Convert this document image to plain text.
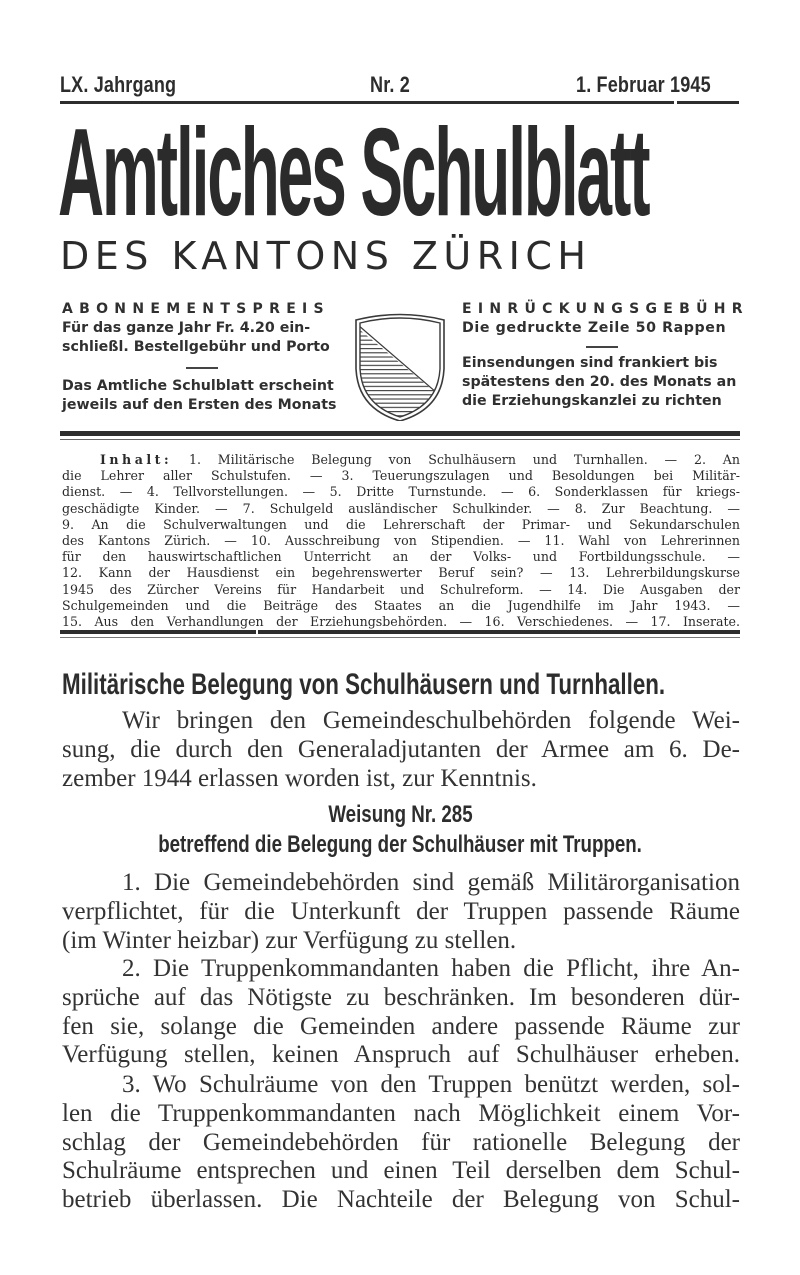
LX. Jahrgang	Nr. 2	1. Februar 1945
Amtliches Schulblatt
DES KANTONS ZÜRICH
ABONNEMENTSPREIS
Für das ganze Jahr Fr. 4.20 ein-
schließl. Bestellgebühr und Porto
Das Amtliche Schulblatt erscheint
jeweils auf den Ersten des Monats
EINRÜCKUNGSGEBÜHR
Die gedruckte Zeile 50 Rappen
Einsendungen sind frankiert bis
spätestens den 20. des Monats an
die Erziehungskanzlei zu richten
Inhalt: 1. Militärische Belegung von Schulhäusern und Turnhallen. — 2. An
die Lehrer aller Schulstufen. — 3. Teuerungszulagen und Besoldungen bei Militär-
dienst. — 4. Tellvorstellungen. — 5. Dritte Turnstunde. — 6. Sonderklassen für kriegs-
geschädigte Kinder. — 7. Schulgeld ausländischer Schulkinder. — 8. Zur Beachtung. —
9. An die Schulverwaltungen und die Lehrerschaft der Primar- und Sekundarschulen
des Kantons Zürich. — 10. Ausschreibung von Stipendien. — 11. Wahl von Lehrerinnen
für den hauswirtschaftlichen Unterricht an der Volks- und Fortbildungsschule. —
12. Kann der Hausdienst ein begehrenswerter Beruf sein? — 13. Lehrerbildungskurse
1945 des Zürcher Vereins für Handarbeit und Schulreform. — 14. Die Ausgaben der
Schulgemeinden und die Beiträge des Staates an die Jugendhilfe im Jahr 1943. —
15. Aus den Verhandlungen der Erziehungsbehörden. — 16. Verschiedenes. — 17. Inserate.
Militärische Belegung von Schulhäusern und Turnhallen.
Wir bringen den Gemeindeschulbehörden folgende Wei-
sung, die durch den Generaladjutanten der Armee am 6. De-
zember 1944 erlassen worden ist, zur Kenntnis.
Weisung Nr. 285
betreffend die Belegung der Schulhäuser mit Truppen.
1. Die Gemeindebehörden sind gemäß Militärorganisation
verpflichtet, für die Unterkunft der Truppen passende Räume
(im Winter heizbar) zur Verfügung zu stellen.
2. Die Truppenkommandanten haben die Pflicht, ihre An-
sprüche auf das Nötigste zu beschränken. Im besonderen dür-
fen sie, solange die Gemeinden andere passende Räume zur
Verfügung stellen, keinen Anspruch auf Schulhäuser erheben.
3. Wo Schulräume von den Truppen benützt werden, sol-
len die Truppenkommandanten nach Möglichkeit einem Vor-
schlag der Gemeindebehörden für rationelle Belegung der
Schulräume entsprechen und einen Teil derselben dem Schul-
betrieb überlassen. Die Nachteile der Belegung von Schul-
